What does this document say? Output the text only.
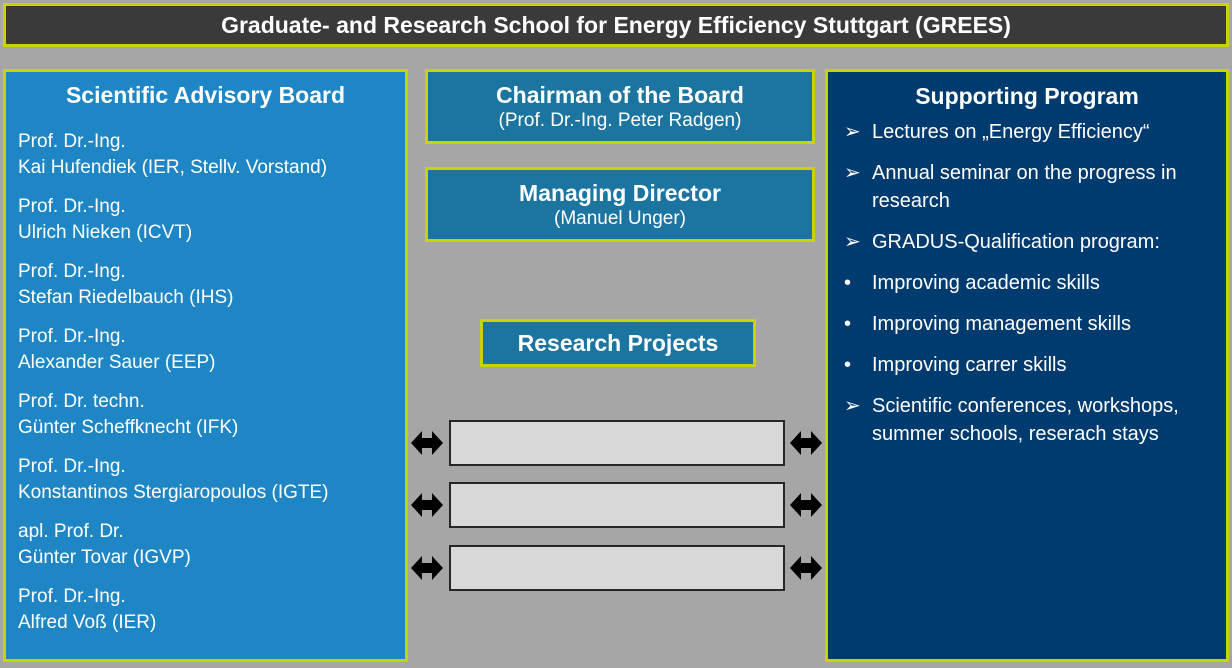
Graduate- and Research School for Energy Efficiency Stuttgart (GREES)
Scientific Advisory Board
Prof. Dr.-Ing.
Kai Hufendiek (IER, Stellv. Vorstand)
Prof. Dr.-Ing.
Ulrich Nieken (ICVT)
Prof. Dr.-Ing.
Stefan Riedelbauch (IHS)
Prof. Dr.-Ing.
Alexander Sauer (EEP)
Prof. Dr. techn.
Günter Scheffknecht (IFK)
Prof. Dr.-Ing.
Konstantinos Stergiaropoulos (IGTE)
apl. Prof. Dr.
Günter Tovar (IGVP)
Prof. Dr.-Ing.
Alfred Voß (IER)
Chairman of the Board
(Prof. Dr.-Ing. Peter Radgen)
Managing Director
(Manuel Unger)
Research Projects
Supporting Program
➢ Lectures on „Energy Efficiency“
➢ Annual seminar on the progress in research
➢ GRADUS-Qualification program:
•	Improving academic skills
•	Improving management skills
•	Improving carrer skills
➢ Scientific conferences, workshops, summer schools, reserach stays
